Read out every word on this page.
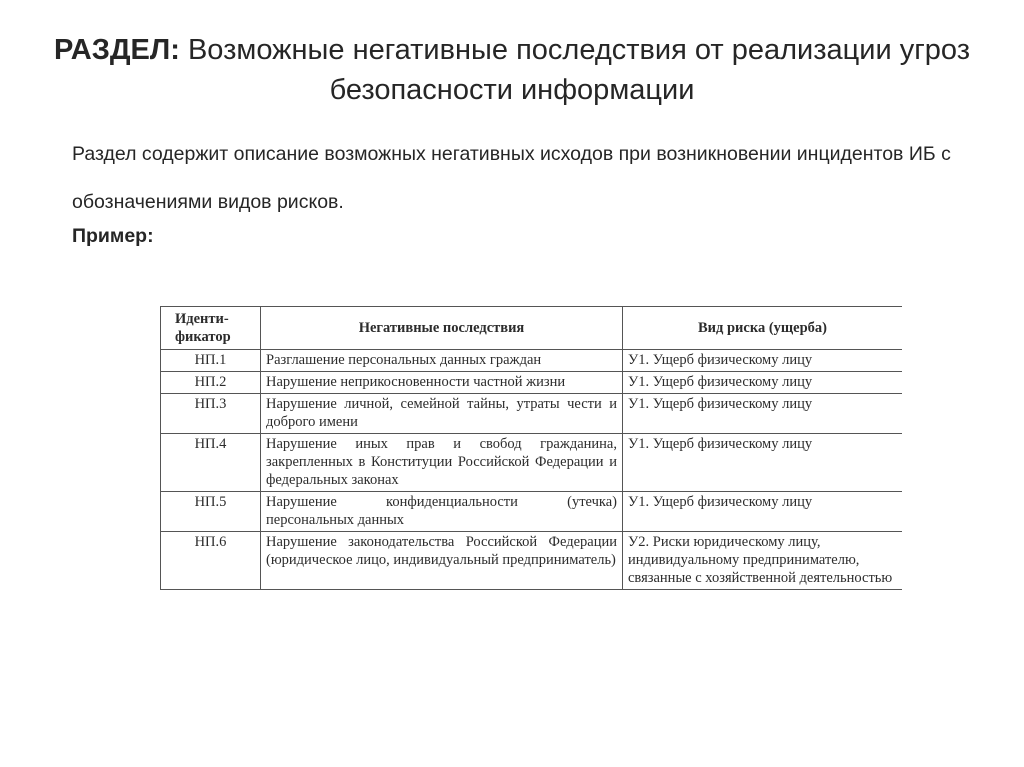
РАЗДЕЛ: Возможные негативные последствия от реализации угроз безопасности информации
Раздел содержит описание возможных негативных исходов при возникновении инцидентов ИБ с обозначениями видов рисков.
Пример:
Иденти- фикатор	Негативные последствия	Вид риска (ущерба)
НП.1	Разглашение персональных данных граждан	У1. Ущерб физическому лицу
НП.2	Нарушение неприкосновенности частной жизни	У1. Ущерб физическому лицу
НП.3	Нарушение личной, семейной тайны, утраты чести и доброго имени	У1. Ущерб физическому лицу
НП.4	Нарушение иных прав и свобод гражданина, закрепленных в Конституции Российской Федерации и федеральных законах	У1. Ущерб физическому лицу
НП.5	Нарушение конфиденциальности (утечка) персональных данных	У1. Ущерб физическому лицу
НП.6	Нарушение законодательства Российской Федерации (юридическое лицо, индивидуальный предприниматель)	У2. Риски юридическому лицу, индивидуальному предпринимателю, связанные с хозяйственной деятельностью
